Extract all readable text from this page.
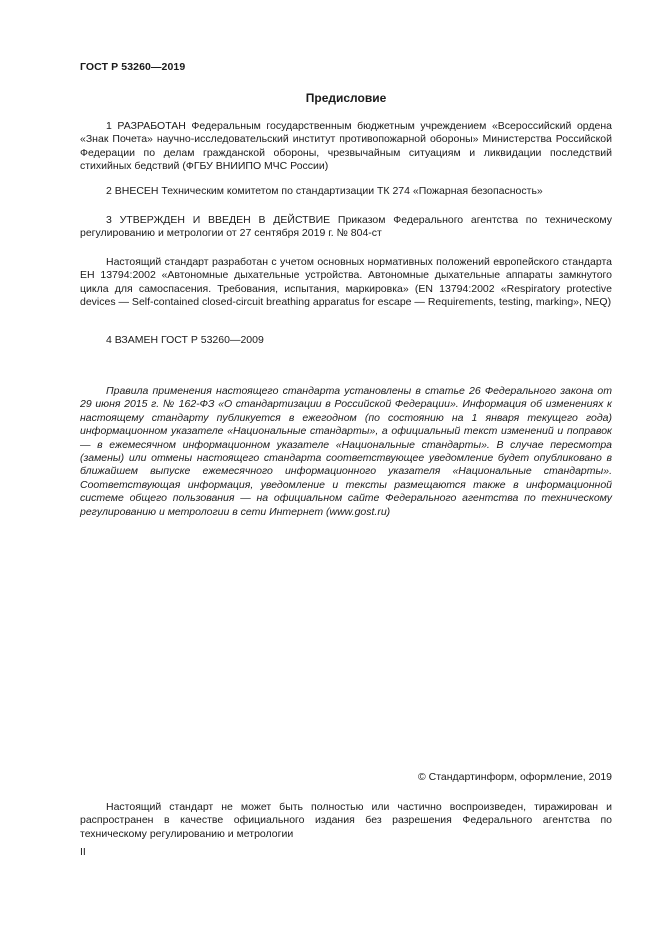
ГОСТ Р 53260—2019
Предисловие

1 РАЗРАБОТАН Федеральным государственным бюджетным учреждением «Всероссийский ордена «Знак Почета» научно-исследовательский институт противопожарной обороны» Министерства Российской Федерации по делам гражданской обороны, чрезвычайным ситуациям и ликвидации последствий стихийных бедствий (ФГБУ ВНИИПО МЧС России)

2 ВНЕСЕН Техническим комитетом по стандартизации ТК 274 «Пожарная безопасность»

3 УТВЕРЖДЕН И ВВЕДЕН В ДЕЙСТВИЕ Приказом Федерального агентства по техническому регулированию и метрологии от 27 сентября 2019 г. № 804-ст

Настоящий стандарт разработан с учетом основных нормативных положений европейского стандарта ЕН 13794:2002 «Автономные дыхательные устройства. Автономные дыхательные аппараты замкнутого цикла для самоспасения. Требования, испытания, маркировка» (EN 13794:2002 «Respiratory protective devices — Self-contained closed-circuit breathing apparatus for escape — Requirements, testing, marking», NEQ)

4 ВЗАМЕН ГОСТ Р 53260—2009

Правила применения настоящего стандарта установлены в статье 26 Федерального закона от 29 июня 2015 г. № 162-ФЗ «О стандартизации в Российской Федерации». Информация об изменениях к настоящему стандарту публикуется в ежегодном (по состоянию на 1 января текущего года) информационном указателе «Национальные стандарты», а официальный текст изменений и поправок — в ежемесячном информационном указателе «Национальные стандарты». В случае пересмотра (замены) или отмены настоящего стандарта соответствующее уведомление будет опубликовано в ближайшем выпуске ежемесячного информационного указателя «Национальные стандарты». Соответствующая информация, уведомление и тексты размещаются также в информационной системе общего пользования — на официальном сайте Федерального агентства по техническому регулированию и метрологии в сети Интернет (www.gost.ru)

© Стандартинформ, оформление, 2019

Настоящий стандарт не может быть полностью или частично воспроизведен, тиражирован и распространен в качестве официального издания без разрешения Федерального агентства по техническому регулированию и метрологии

II
